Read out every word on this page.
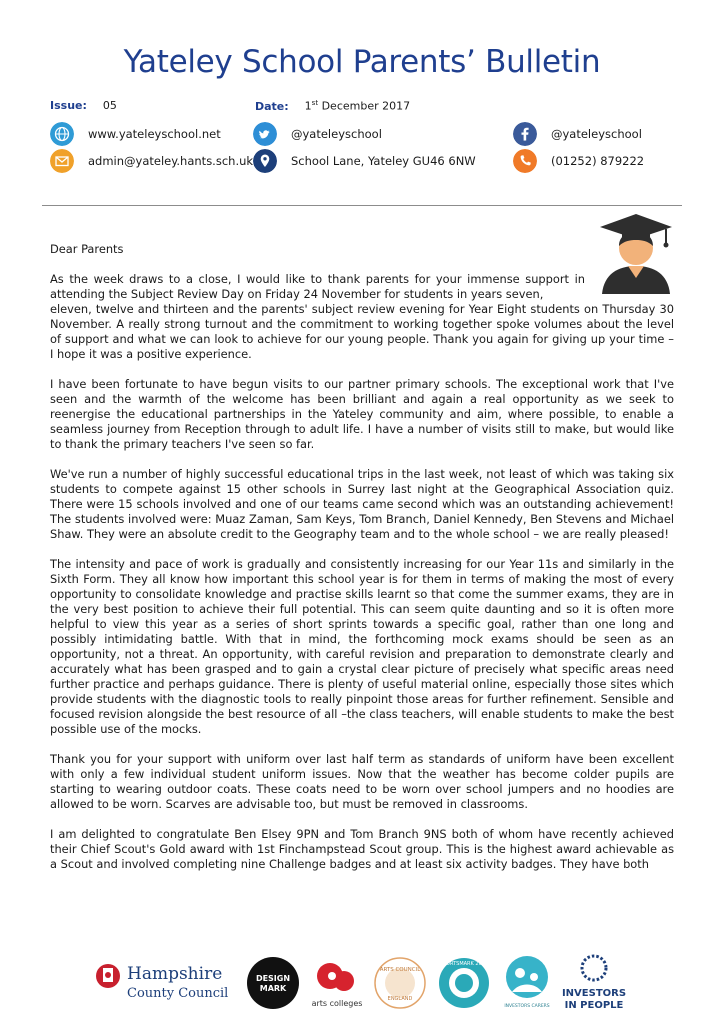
Yateley School Parents’ Bulletin
Issue: 05	Date: 1st December 2017
www.yateleyschool.net	@yateleyschool	@yateleyschool
admin@yateley.hants.sch.uk	School Lane, Yateley GU46 6NW	(01252) 879222

Dear Parents

As the week draws to a close, I would like to thank parents for your immense support in attending the Subject Review Day on Friday 24 November for students in years seven,

eleven, twelve and thirteen and the parents' subject review evening for Year Eight students on Thursday 30 November. A really strong turnout and the commitment to working together spoke volumes about the level of support and what we can look to achieve for our young people. Thank you again for giving up your time – I hope it was a positive experience.

I have been fortunate to have begun visits to our partner primary schools. The exceptional work that I've seen and the warmth of the welcome has been brilliant and again a real opportunity as we seek to reenergise the educational partnerships in the Yateley community and aim, where possible, to enable a seamless journey from Reception through to adult life. I have a number of visits still to make, but would like to thank the primary teachers I've seen so far.

We've run a number of highly successful educational trips in the last week, not least of which was taking six students to compete against 15 other schools in Surrey last night at the Geographical Association quiz. There were 15 schools involved and one of our teams came second which was an outstanding achievement! The students involved were: Muaz Zaman, Sam Keys, Tom Branch, Daniel Kennedy, Ben Stevens and Michael Shaw. They were an absolute credit to the Geography team and to the whole school – we are really pleased!

The intensity and pace of work is gradually and consistently increasing for our Year 11s and similarly in the Sixth Form. They all know how important this school year is for them in terms of making the most of every opportunity to consolidate knowledge and practise skills learnt so that come the summer exams, they are in the very best position to achieve their full potential. This can seem quite daunting and so it is often more helpful to view this year as a series of short sprints towards a specific goal, rather than one long and possibly intimidating battle. With that in mind, the forthcoming mock exams should be seen as an opportunity, not a threat. An opportunity, with careful revision and preparation to demonstrate clearly and accurately what has been grasped and to gain a crystal clear picture of precisely what specific areas need further practice and perhaps guidance. There is plenty of useful material online, especially those sites which provide students with the diagnostic tools to really pinpoint those areas for further refinement. Sensible and focused revision alongside the best resource of all –the class teachers, will enable students to make the best possible use of the mocks.

Thank you for your support with uniform over last half term as standards of uniform have been excellent with only a few individual student uniform issues. Now that the weather has become colder pupils are starting to wearing outdoor coats. These coats need to be worn over school jumpers and no hoodies are allowed to be worn. Scarves are advisable too, but must be removed in classrooms.

I am delighted to congratulate Ben Elsey 9PN and Tom Branch 9NS both of whom have recently achieved their Chief Scout's Gold award with 1st Finchampstead Scout group. This is the highest award achievable as a Scout and involved completing nine Challenge badges and at least six activity badges. They have both

Hampshire
County Council
DESIGN
MARK
arts colleges
ARTS COUNCIL
ENGLAND
SPORTSMARK 2008
INVESTORS CARERS
INVESTORS
IN PEOPLE
